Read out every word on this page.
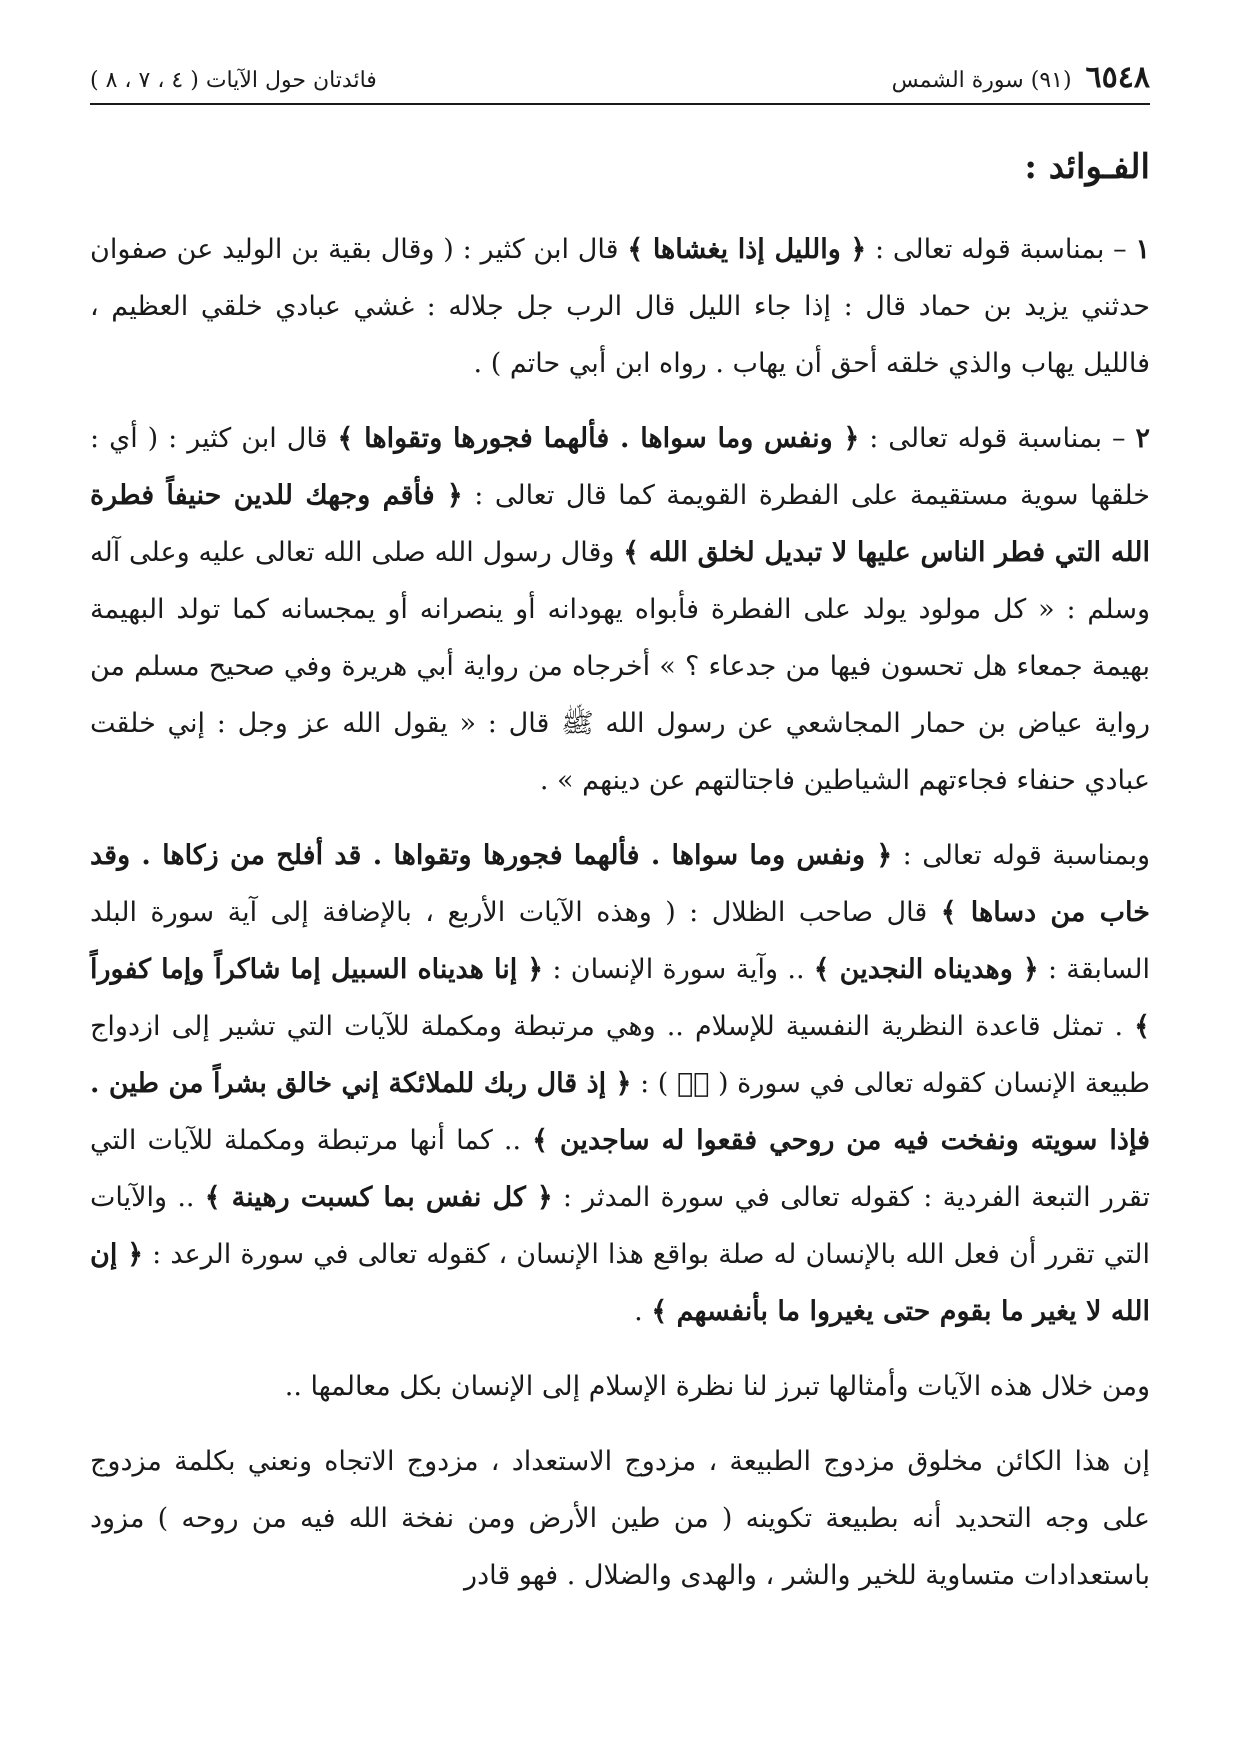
٦٥٤٨
(٩١) سورة الشمس
فائدتان حول الآيات ( ٤ ، ٧ ، ٨ )
الفـوائد :

١ – بمناسبة قوله تعالى : ﴿ والليل إذا يغشاها ﴾ قال ابن كثير : ( وقال بقية بن الوليد عن صفوان حدثني يزيد بن حماد قال : إذا جاء الليل قال الرب جل جلاله : غشي عبادي خلقي العظيم ، فالليل يهاب والذي خلقه أحق أن يهاب . رواه ابن أبي حاتم ) .

٢ – بمناسبة قوله تعالى : ﴿ ونفس وما سواها . فألهما فجورها وتقواها ﴾ قال ابن كثير : ( أي : خلقها سوية مستقيمة على الفطرة القويمة كما قال تعالى : ﴿ فأقم وجهك للدين حنيفاً فطرة الله التي فطر الناس عليها لا تبديل لخلق الله ﴾ وقال رسول الله صلى الله تعالى عليه وعلى آله وسلم : « كل مولود يولد على الفطرة فأبواه يهودانه أو ينصرانه أو يمجسانه كما تولد البهيمة بهيمة جمعاء هل تحسون فيها من جدعاء ؟ » أخرجاه من رواية أبي هريرة وفي صحيح مسلم من رواية عياض بن حمار المجاشعي عن رسول الله ﷺ قال : « يقول الله عز وجل : إني خلقت عبادي حنفاء فجاءتهم الشياطين فاجتالتهم عن دينهم » .

وبمناسبة قوله تعالى : ﴿ ونفس وما سواها . فألهما فجورها وتقواها . قد أفلح من زكاها . وقد خاب من دساها ﴾ قال صاحب الظلال : ( وهذه الآيات الأربع ، بالإضافة إلى آية سورة البلد السابقة : ﴿ وهديناه النجدين ﴾ .. وآية سورة الإنسان : ﴿ إنا هديناه السبيل إما شاكراً وإما كفوراً ﴾ . تمثل قاعدة النظرية النفسية للإسلام .. وهي مرتبطة ومكملة للآيات التي تشير إلى ازدواج طبيعة الإنسان كقوله تعالى في سورة ( صۤ ) : ﴿ إذ قال ربك للملائكة إني خالق بشراً من طين . فإذا سويته ونفخت فيه من روحي فقعوا له ساجدين ﴾ .. كما أنها مرتبطة ومكملة للآيات التي تقرر التبعة الفردية : كقوله تعالى في سورة المدثر : ﴿ كل نفس بما كسبت رهينة ﴾ .. والآيات التي تقرر أن فعل الله بالإنسان له صلة بواقع هذا الإنسان ، كقوله تعالى في سورة الرعد : ﴿ إن الله لا يغير ما بقوم حتى يغيروا ما بأنفسهم ﴾ .

ومن خلال هذه الآيات وأمثالها تبرز لنا نظرة الإسلام إلى الإنسان بكل معالمها ..

إن هذا الكائن مخلوق مزدوج الطبيعة ، مزدوج الاستعداد ، مزدوج الاتجاه ونعني بكلمة مزدوج على وجه التحديد أنه بطبيعة تكوينه ( من طين الأرض ومن نفخة الله فيه من روحه ) مزود باستعدادات متساوية للخير والشر ، والهدى والضلال . فهو قادر
